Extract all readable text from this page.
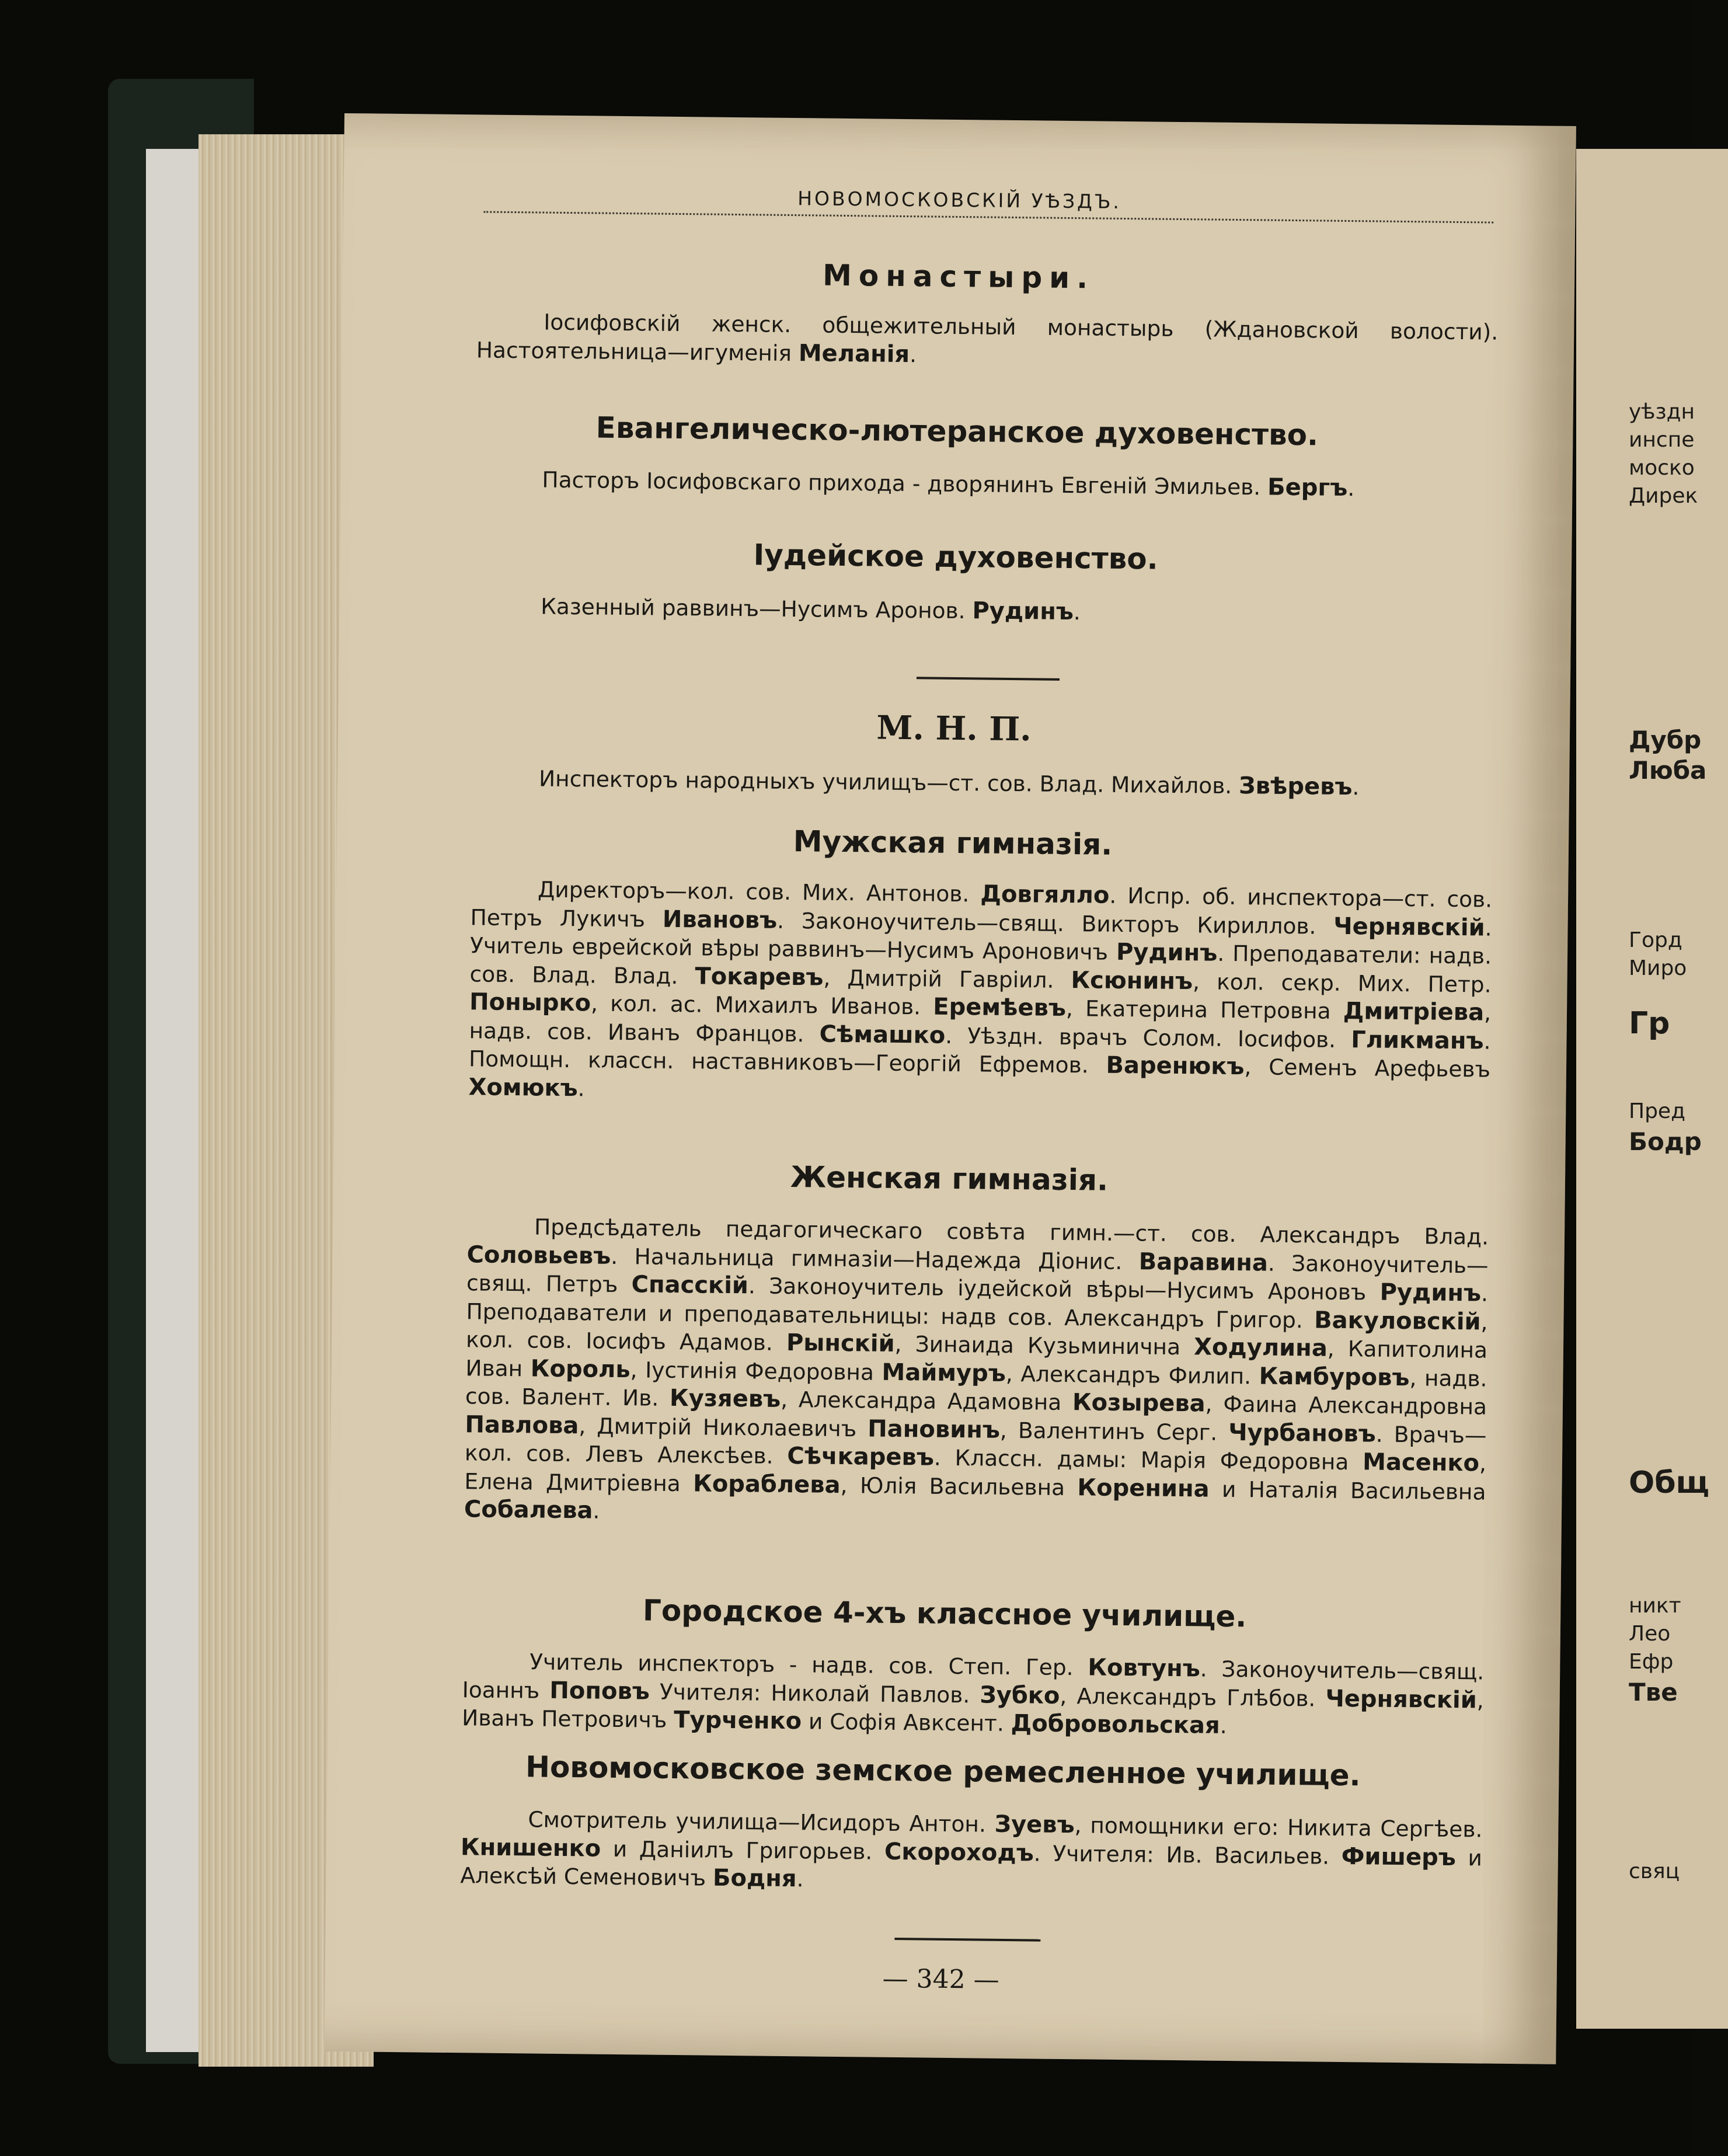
уѣздн
инспе
моско
Дирек
Дубр
Люба
Горд
Миро
Гр
Пред
Бодр
Общ
никт
Лео
Ефр
Тве
свяц
НОВОМОСКОВСКІЙ УѢЗДЪ.
Монастыри.

Іосифовскій женск. общежительный монастырь (Ждановской волости). Настоятельница—игуменія Меланія.

Евангелическо-лютеранское духовенство.

Пасторъ Іосифовскаго прихода - дворянинъ Евгеній Эмильев. Бергъ.

Іудейское духовенство.

Казенный раввинъ—Нусимъ Аронов. Рудинъ.

М. Н. П.

Инспекторъ народныхъ училищъ—ст. сов. Влад. Михайлов. Звѣревъ.

Мужская гимназія.

Директоръ—кол. сов. Мих. Антонов. Довгялло. Испр. об. инспектора—ст. сов. Петръ Лукичъ Ивановъ. Законоучитель—свящ. Викторъ Кириллов. Чернявскій. Учитель еврейской вѣры раввинъ—Нусимъ Ароновичъ Рудинъ. Преподаватели: надв. сов. Влад. Влад. Токаревъ, Дмитрій Гавріил. Ксюнинъ, кол. секр. Мих. Петр. Понырко, кол. ас. Михаилъ Иванов. Еремѣевъ, Екатерина Петровна Дмитріева, надв. сов. Иванъ Францов. Сѣмашко. Уѣздн. врачъ Солом. Іосифов. Гликманъ. Помощн. классн. наставниковъ—Георгій Ефремов. Варенюкъ, Семенъ Арефьевъ Хомюкъ.

Женская гимназія.

Предсѣдатель педагогическаго совѣта гимн.—ст. сов. Александръ Влад. Соловьевъ. Начальница гимназіи—Надежда Діонис. Варавина. Законоучитель—свящ. Петръ Спасскій. Законоучитель іудейской вѣры—Нусимъ Ароновъ Рудинъ. Преподаватели и преподавательницы: надв сов. Александръ Григор. Вакуловскій, кол. сов. Іосифъ Адамов. Рынскій, Зинаида Кузьминична Ходулина, Капитолина Иван Король, Іустинія Федоровна Маймуръ, Александръ Филип. Камбуровъ, надв. сов. Валент. Ив. Кузяевъ, Александра Адамовна Козырева, Фаина Александровна Павлова, Дмитрій Николаевичъ Пановинъ, Валентинъ Серг. Чурбановъ. Врачъ—кол. сов. Левъ Алексѣев. Сѣчкаревъ. Классн. дамы: Марія Федоровна Масенко, Елена Дмитріевна Кораблева, Юлія Васильевна Коренина и Наталія Васильевна Собалева.

Городское 4-хъ классное училище.

Учитель инспекторъ - надв. сов. Степ. Гер. Ковтунъ. Законоучитель—свящ. Іоаннъ Поповъ Учителя: Николай Павлов. Зубко, Александръ Глѣбов. Чернявскій, Иванъ Петровичъ Турченко и Софія Авксент. Добровольская.

Новомосковское земское ремесленное училище.

Смотритель училища—Исидоръ Антон. Зуевъ, помощники его: Никита Сергѣев. Книшенко и Даніилъ Григорьев. Скороходъ. Учителя: Ив. Васильев. Фишеръ и Алексѣй Семеновичъ Бодня.

— 342 —
